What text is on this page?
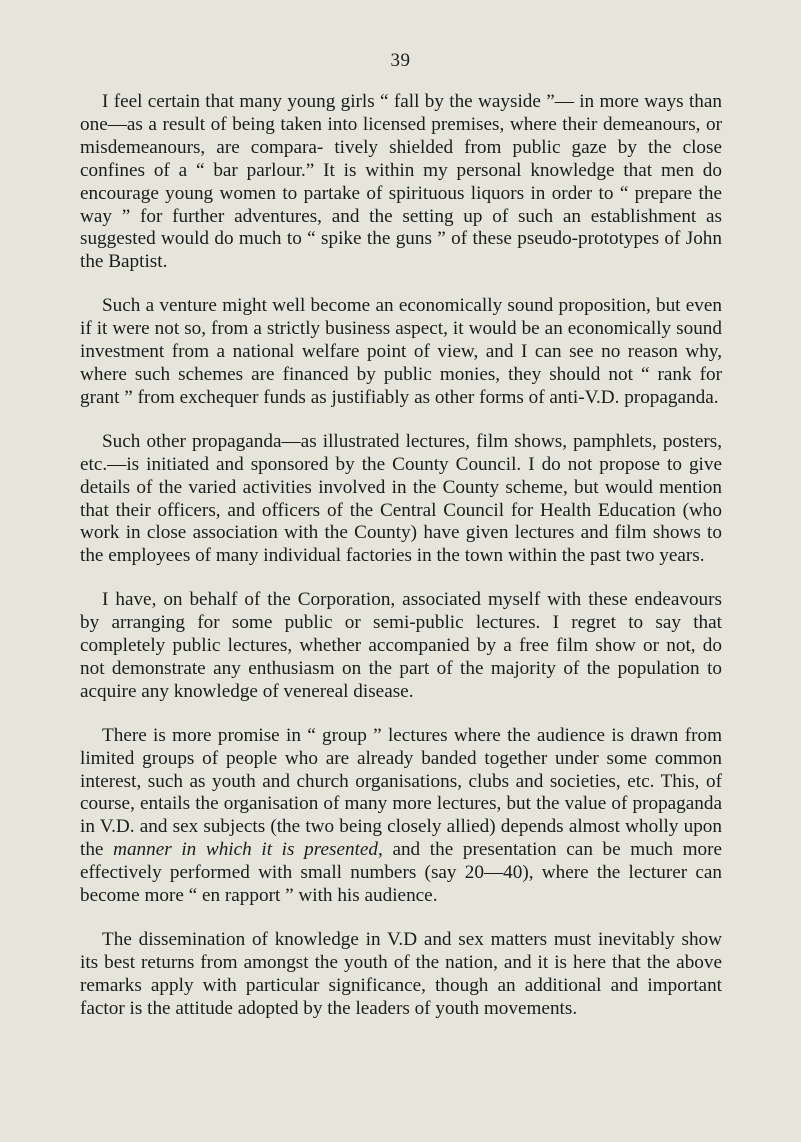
39

I feel certain that many young girls “ fall by the wayside ”— in more ways than one—as a result of being taken into licensed premises, where their demeanours, or misdemeanours, are compara- tively shielded from public gaze by the close confines of a “ bar parlour.” It is within my personal knowledge that men do encourage young women to partake of spirituous liquors in order to “ prepare the way ” for further adventures, and the setting up of such an establishment as suggested would do much to “ spike the guns ” of these pseudo-prototypes of John the Baptist.

Such a venture might well become an economically sound proposition, but even if it were not so, from a strictly business aspect, it would be an economically sound investment from a national welfare point of view, and I can see no reason why, where such schemes are financed by public monies, they should not “ rank for grant ” from exchequer funds as justifiably as other forms of anti-V.D. propaganda.

Such other propaganda—as illustrated lectures, film shows, pamphlets, posters, etc.—is initiated and sponsored by the County Council. I do not propose to give details of the varied activities involved in the County scheme, but would mention that their officers, and officers of the Central Council for Health Education (who work in close association with the County) have given lectures and film shows to the employees of many individual factories in the town within the past two years.

I have, on behalf of the Corporation, associated myself with these endeavours by arranging for some public or semi-public lectures. I regret to say that completely public lectures, whether accompanied by a free film show or not, do not demonstrate any enthusiasm on the part of the majority of the population to acquire any knowledge of venereal disease.

There is more promise in “ group ” lectures where the audience is drawn from limited groups of people who are already banded together under some common interest, such as youth and church organisations, clubs and societies, etc. This, of course, entails the organisation of many more lectures, but the value of propaganda in V.D. and sex subjects (the two being closely allied) depends almost wholly upon the manner in which it is presented, and the presentation can be much more effectively performed with small numbers (say 20—40), where the lecturer can become more “ en rapport ” with his audience.

The dissemination of knowledge in V.D and sex matters must inevitably show its best returns from amongst the youth of the nation, and it is here that the above remarks apply with particular significance, though an additional and important factor is the attitude adopted by the leaders of youth movements.
